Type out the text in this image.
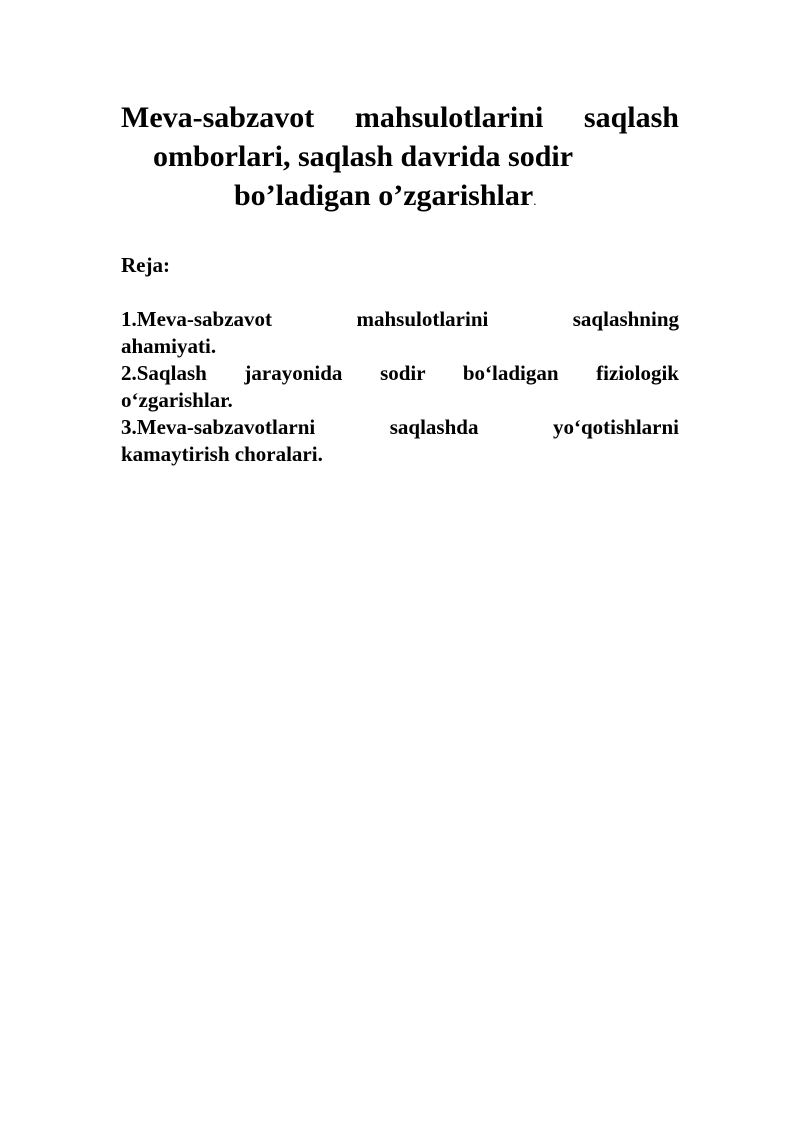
Meva-sabzavot mahsulotlarini saqlash
omborlari, saqlash davrida sodir
bo’ladigan o’zgarishlar.

Reja:

1.Meva-sabzavot mahsulotlarini saqlashning
ahamiyati.
2.Saqlash jarayonida sodir bo‘ladigan fiziologik
o‘zgarishlar.
3.Meva-sabzavotlarni saqlashda yo‘qotishlarni
kamaytirish choralari.
